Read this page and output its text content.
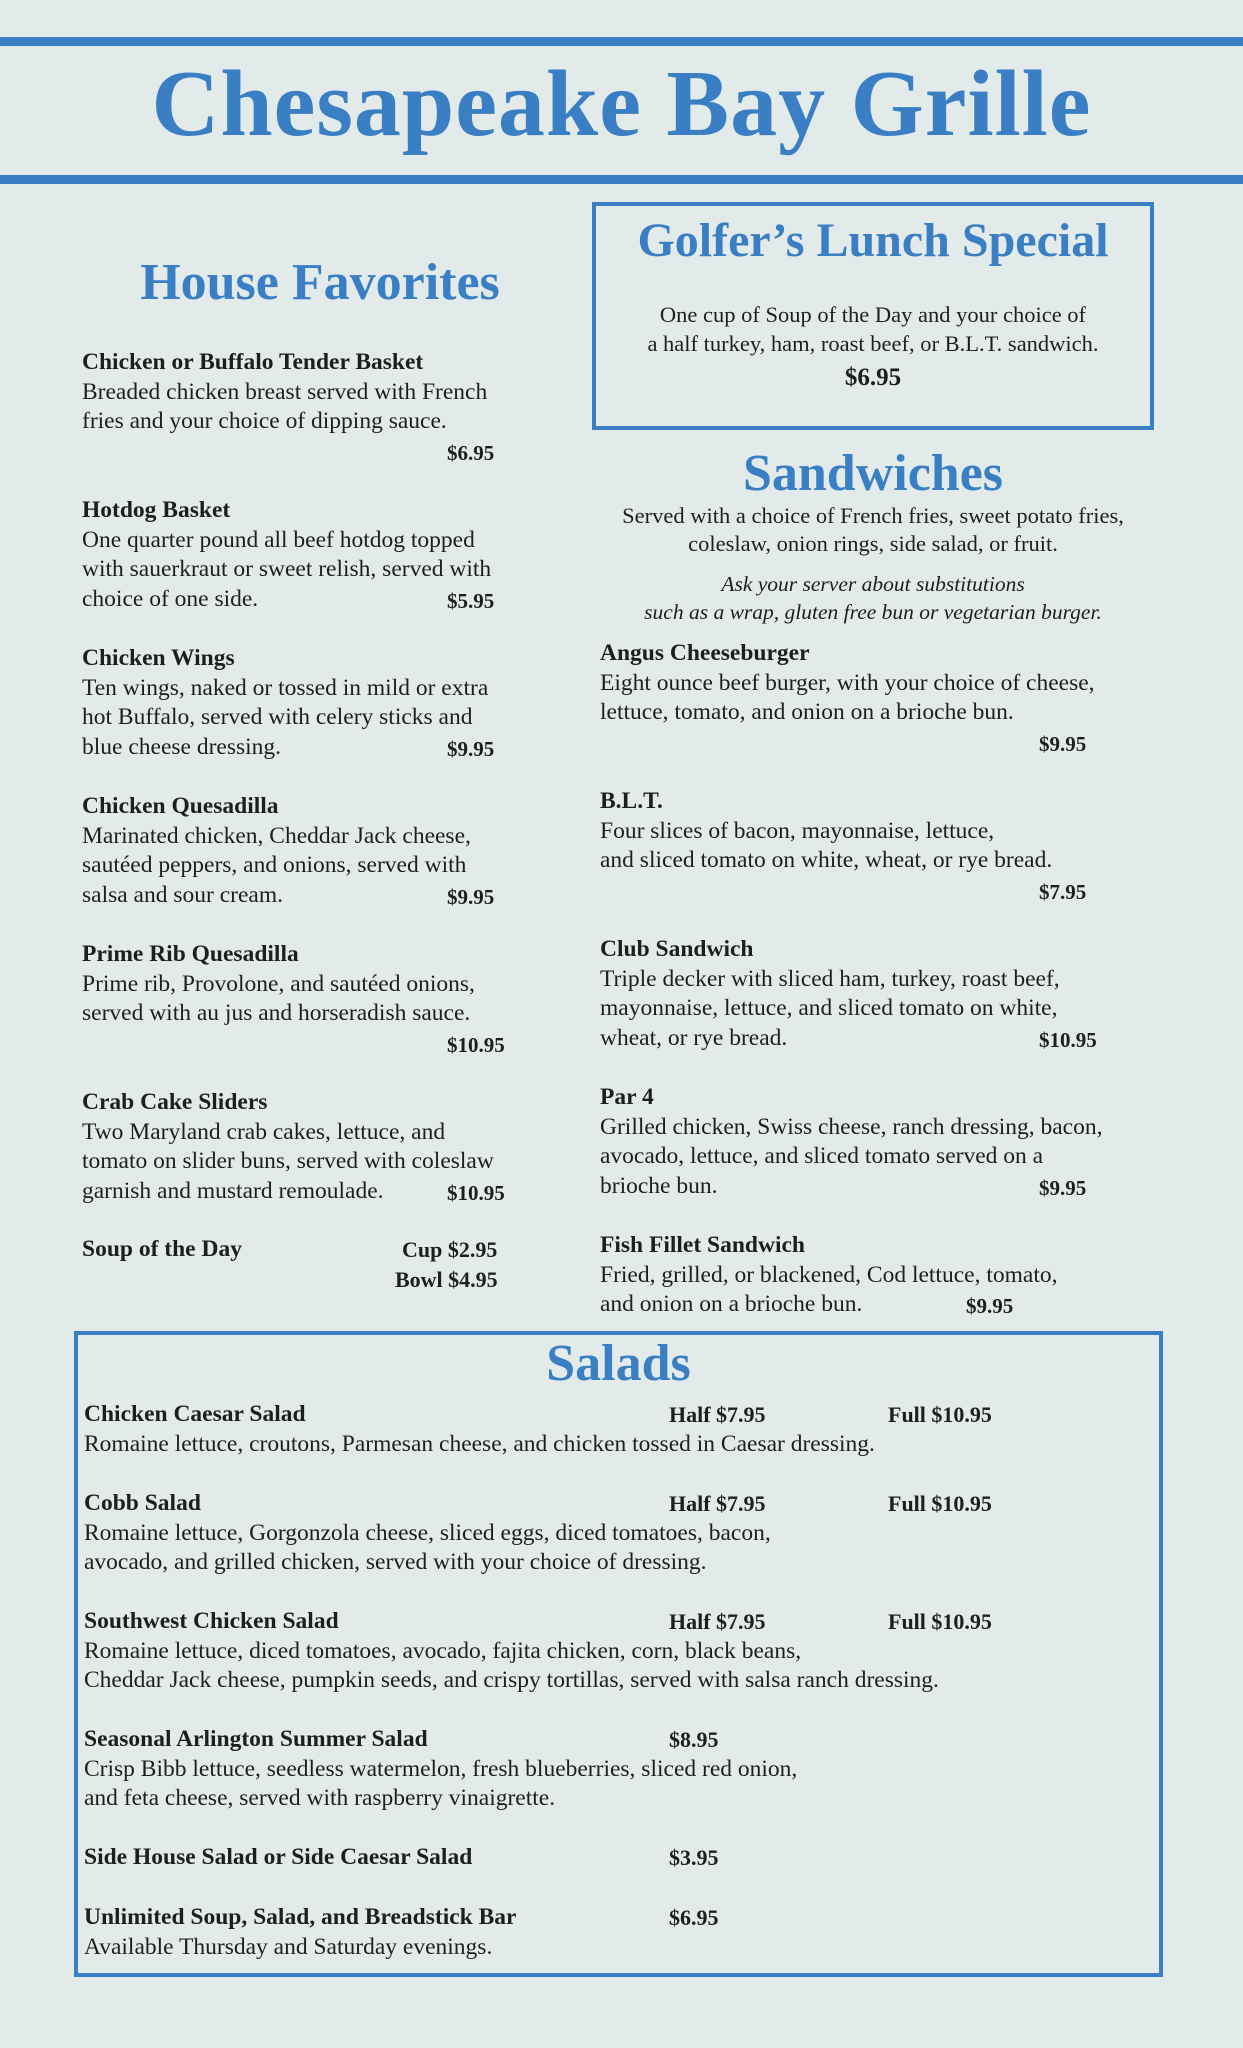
Chesapeake Bay Grille
House Favorites
Chicken or Buffalo Tender Basket
Breaded chicken breast served with French
fries and your choice of dipping sauce.
$6.95
Hotdog Basket
One quarter pound all beef hotdog topped
with sauerkraut or sweet relish, served with
choice of one side.	$5.95
Chicken Wings
Ten wings, naked or tossed in mild or extra
hot Buffalo, served with celery sticks and
blue cheese dressing.	$9.95
Chicken Quesadilla
Marinated chicken, Cheddar Jack cheese,
sautéed peppers, and onions, served with
salsa and sour cream.	$9.95
Prime Rib Quesadilla
Prime rib, Provolone, and sautéed onions,
served with au jus and horseradish sauce.
$10.95
Crab Cake Sliders
Two Maryland crab cakes, lettuce, and
tomato on slider buns, served with coleslaw
garnish and mustard remoulade.	$10.95
Soup of the Day	Cup $2.95
Bowl $4.95
Golfer’s Lunch Special
One cup of Soup of the Day and your choice of
a half turkey, ham, roast beef, or B.L.T. sandwich.
$6.95
Sandwiches
Served with a choice of French fries, sweet potato fries,
coleslaw, onion rings, side salad, or fruit.
Ask your server about substitutions
such as a wrap, gluten free bun or vegetarian burger.
Angus Cheeseburger
Eight ounce beef burger, with your choice of cheese,
lettuce, tomato, and onion on a brioche bun.
$9.95
B.L.T.
Four slices of bacon, mayonnaise, lettuce,
and sliced tomato on white, wheat, or rye bread.
$7.95
Club Sandwich
Triple decker with sliced ham, turkey, roast beef,
mayonnaise, lettuce, and sliced tomato on white,
wheat, or rye bread.	$10.95
Par 4
Grilled chicken, Swiss cheese, ranch dressing, bacon,
avocado, lettuce, and sliced tomato served on a
brioche bun.	$9.95
Fish Fillet Sandwich
Fried, grilled, or blackened, Cod lettuce, tomato,
and onion on a brioche bun.	$9.95
Salads
Chicken Caesar Salad
Romaine lettuce, croutons, Parmesan cheese, and chicken tossed in Caesar dressing.
Half $7.95	Full $10.95
Cobb Salad
Romaine lettuce, Gorgonzola cheese, sliced eggs, diced tomatoes, bacon,
avocado, and grilled chicken, served with your choice of dressing.
Half $7.95	Full $10.95
Southwest Chicken Salad
Romaine lettuce, diced tomatoes, avocado, fajita chicken, corn, black beans,
Cheddar Jack cheese, pumpkin seeds, and crispy tortillas, served with salsa ranch dressing.
Half $7.95	Full $10.95
Seasonal Arlington Summer Salad
Crisp Bibb lettuce, seedless watermelon, fresh blueberries, sliced red onion,
and feta cheese, served with raspberry vinaigrette.
$8.95
Side House Salad or Side Caesar Salad	$3.95
Unlimited Soup, Salad, and Breadstick Bar
Available Thursday and Saturday evenings.
$6.95
